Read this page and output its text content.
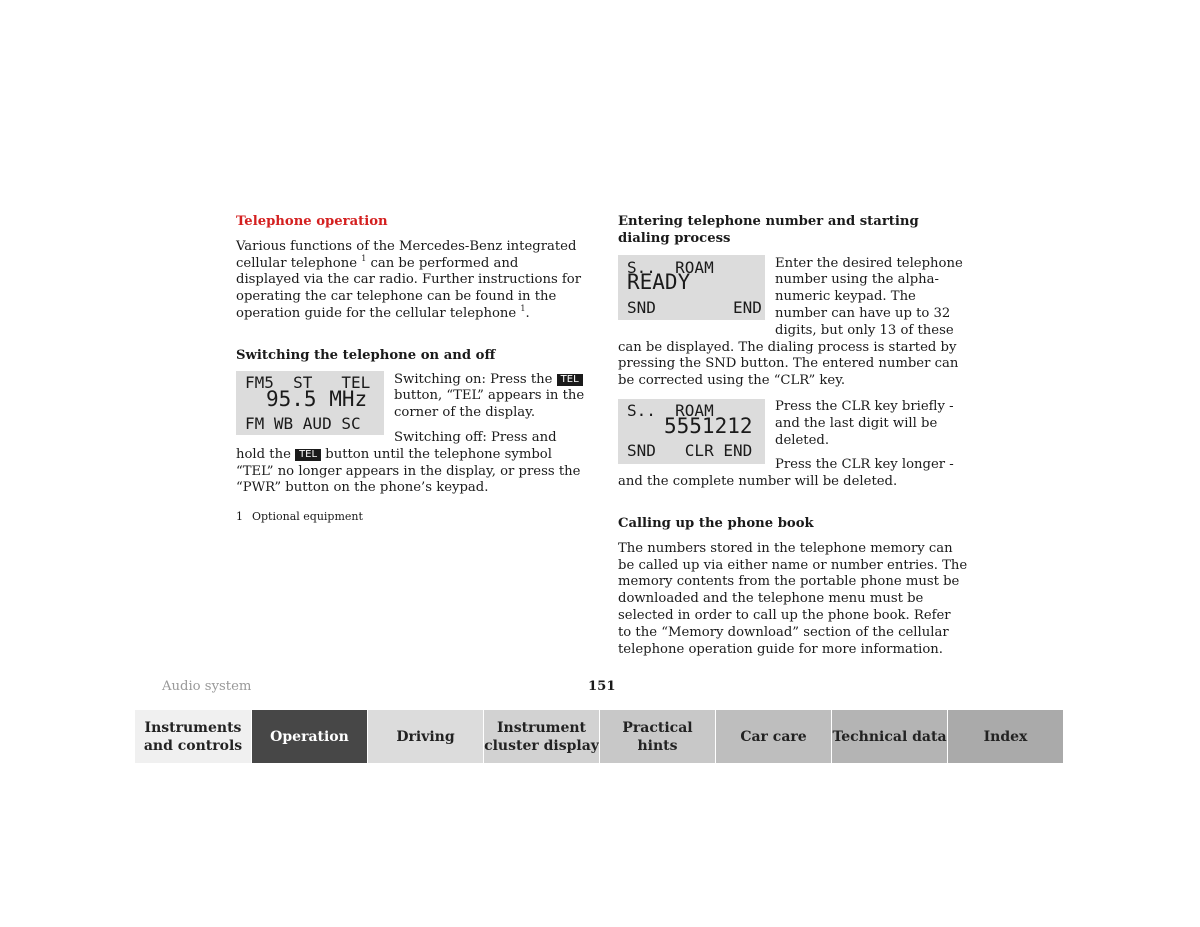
Telephone operation

Various functions of the Mercedes-Benz integrated cellular telephone $^1$ can be performed and displayed via the car radio. Further instructions for operating the car telephone can be found in the operation guide for the cellular telephone $^1$.

Switching the telephone on and off
FM5  ST   TEL
95.5 MHz
FM WB AUD SC

Switching on: Press the TEL button, “TEL” appears in the corner of the display.

Switching off: Press and hold the TEL button until the telephone symbol “TEL” no longer appears in the display, or press the “PWR” button on the phone’s keypad.

1 Optional equipment

Entering telephone number and starting dialing process
S..  ROAM
READY
SND        END

Enter the desired telephone number using the alpha-numeric keypad. The number can have up to 32 digits, but only 13 of these can be displayed. The dialing process is started by pressing the SND button. The entered number can be corrected using the “CLR” key.

S..  ROAM
5551212
SND   CLR END

Press the CLR key briefly - and the last digit will be deleted.

Press the CLR key longer - and the complete number will be deleted.

Calling up the phone book

The numbers stored in the telephone memory can be called up via either name or number entries. The memory contents from the portable phone must be downloaded and the telephone menu must be selected in order to call up the phone book. Refer to the “Memory download” section of the cellular telephone operation guide for more information.

Audio system	151
Instruments and controls
Operation	Driving
Instrument cluster display
Practical hints
Car care	Technical data	Index
